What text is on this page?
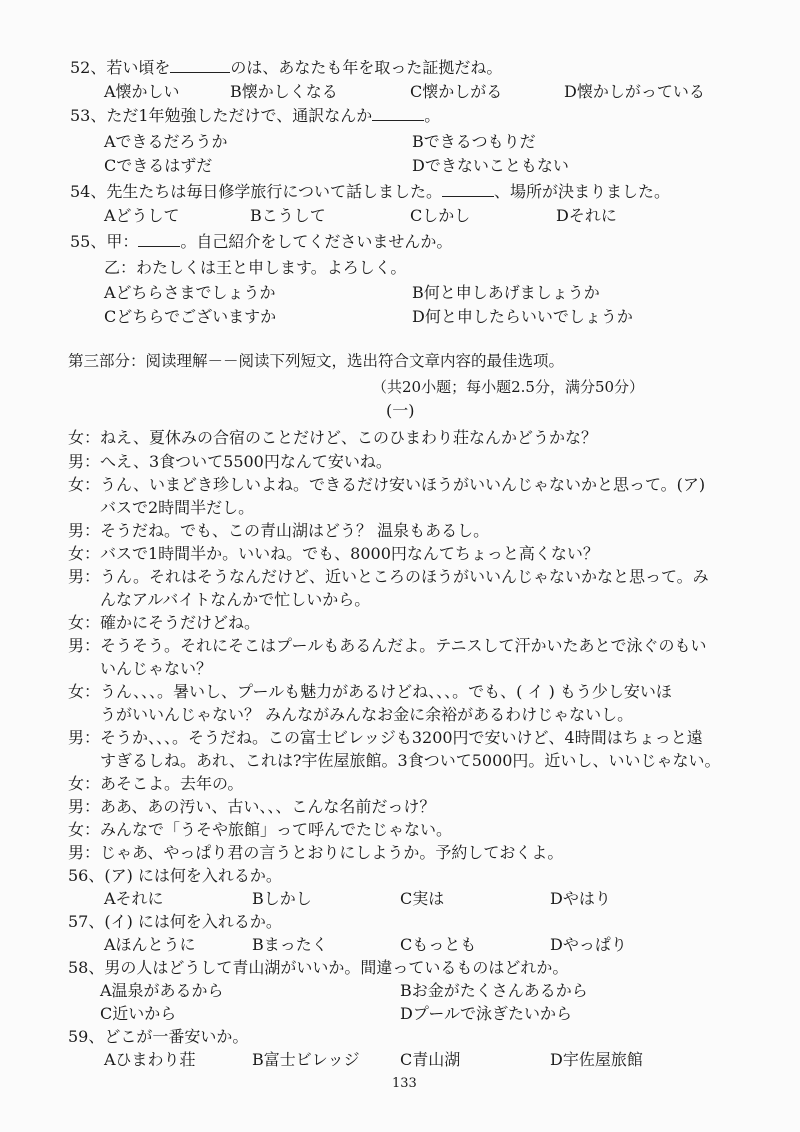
52、若い頃を	のは、あなたも年を取った証拠だね。
A懐かしい	B懐かしくなる	C懐かしがる	D懐かしがっている
53、ただ1年勉強しただけで、通訳なんか	。
Aできるだろうか	Bできるつもりだ
Cできるはずだ	Dできないこともない
54、先生たちは毎日修学旅行について話しました。	、場所が決まりました。
Aどうして	Bこうして	Cしかし	Dそれに
55、甲：	。自己紹介をしてくださいませんか。
乙：わたしくは王と申します。よろしく。
Aどちらさまでしょうか	B何と申しあげましょうか
Cどちらでございますか	D何と申したらいいでしょうか
第三部分：阅读理解－－阅读下列短文，选出符合文章内容的最佳选项。
（共20小题；每小题2.5分，满分50分）
(一)
女：ねえ、夏休みの合宿のことだけど、このひまわり荘なんかどうかな？
男：へえ、3食ついて5500円なんて安いね。
女：うん、いまどき珍しいよね。できるだけ安いほうがいいんじゃないかと思って。(ア)
　　バスで2時間半だし。
男：そうだね。でも、この青山湖はどう？ 温泉もあるし。
女：バスで1時間半か。いいね。でも、8000円なんてちょっと高くない？
男：うん。それはそうなんだけど、近いところのほうがいいんじゃないかなと思って。み
　　んなアルバイトなんかで忙しいから。
女：確かにそうだけどね。
男：そうそう。それにそこはプールもあるんだよ。テニスして汗かいたあとで泳ぐのもい
　　いんじゃない？
女：うん、、、。暑いし、プールも魅力があるけどね、、、。でも、( イ ) もう少し安いほ
　　うがいいんじゃない？ みんながみんなお金に余裕があるわけじゃないし。
男：そうか、、、。そうだね。この富士ビレッジも3200円で安いけど、4時間はちょっと遠
　　すぎるしね。あれ、これは?宇佐屋旅館。3食ついて5000円。近いし、いいじゃない。
女：あそこよ。去年の。
男：ああ、あの汚い、古い、、、こんな名前だっけ？
女：みんなで「うそや旅館」って呼んでたじゃない。
男：じゃあ、やっぱり君の言うとおりにしようか。予約しておくよ。
56、(ア) には何を入れるか。
Aそれに	Bしかし	C実は	Dやはり
57、(イ) には何を入れるか。
Aほんとうに	Bまったく	Cもっとも	Dやっぱり
58、男の人はどうして青山湖がいいか。間違っているものはどれか。
A温泉があるから	Bお金がたくさんあるから
C近いから	Dプールで泳ぎたいから
59、どこが一番安いか。
Aひまわり荘	B富士ビレッジ	C青山湖	D宇佐屋旅館
133
